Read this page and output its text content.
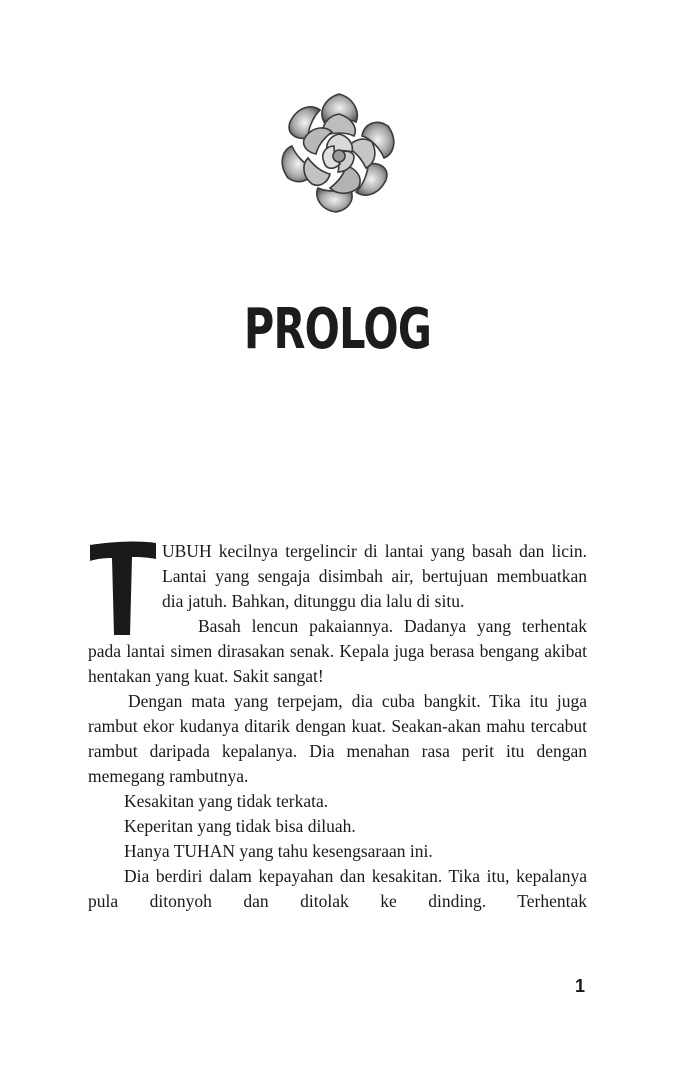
PROLOG

UBUH kecilnya tergelincir di lantai yang basah dan licin. Lantai yang sengaja disimbah air, bertujuan membuatkan dia jatuh. Bahkan, ditunggu dia lalu di situ.

Basah lencun pakaiannya. Dadanya yang terhentak pada lantai simen dirasakan senak. Kepala juga berasa bengang akibat hentakan yang kuat. Sakit sangat!

Dengan mata yang terpejam, dia cuba bangkit. Tika itu juga rambut ekor kudanya ditarik dengan kuat. Seakan-akan mahu tercabut rambut daripada kepalanya. Dia menahan rasa perit itu dengan memegang rambutnya.

Kesakitan yang tidak terkata.

Keperitan yang tidak bisa diluah.

Hanya TUHAN yang tahu kesengsaraan ini.

Dia berdiri dalam kepayahan dan kesakitan. Tika itu, kepalanya pula ditonyoh dan ditolak ke dinding. Terhentak

1
